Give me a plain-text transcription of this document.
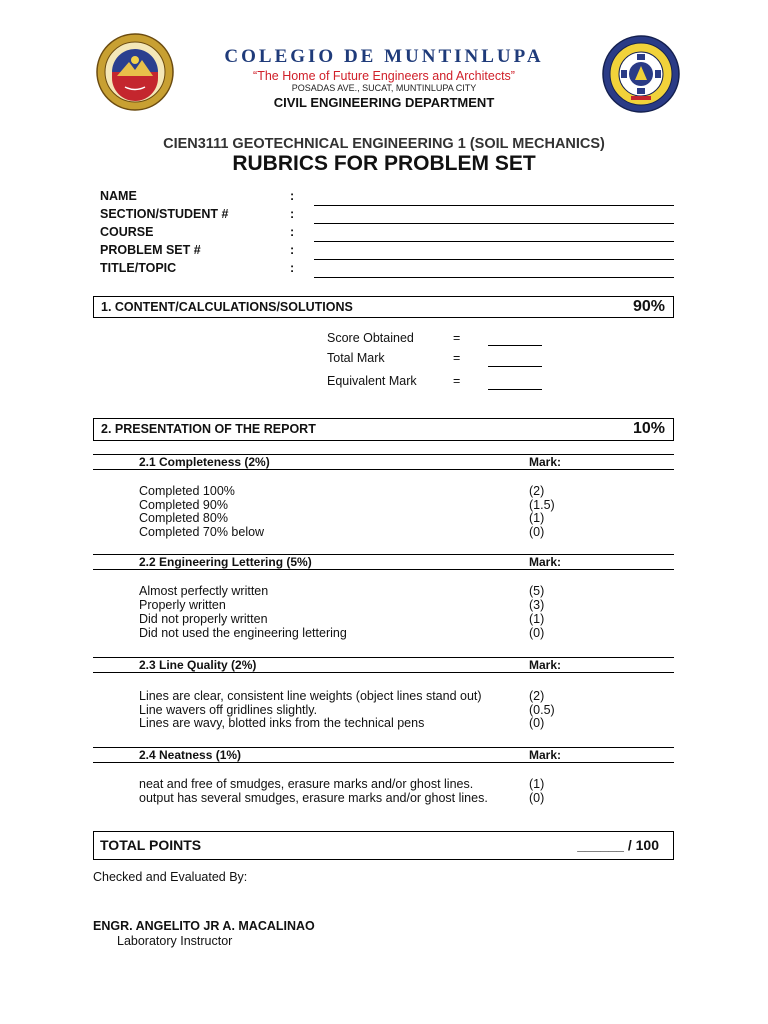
COLEGIO DE MUNTINLUPA
“The Home of Future Engineers and Architects”
POSADAS AVE., SUCAT, MUNTINLUPA CITY
CIVIL ENGINEERING DEPARTMENT
CIEN3111 GEOTECHNICAL ENGINEERING 1 (SOIL MECHANICS)
RUBRICS FOR PROBLEM SET
NAME	:
SECTION/STUDENT #	:
COURSE	:
PROBLEM SET #	:
TITLE/TOPIC	:
1. CONTENT/CALCULATIONS/SOLUTIONS	90%
Score Obtained	=
Total Mark	=
Equivalent Mark	=
2. PRESENTATION OF THE REPORT	10%
2.1 Completeness (2%)	Mark:
Completed 100%	(2)
Completed 90%	(1.5)
Completed 80%	(1)
Completed 70% below	(0)
2.2 Engineering Lettering (5%)	Mark:
Almost perfectly written	(5)
Properly written	(3)
Did not properly written	(1)
Did not used the engineering lettering	(0)
2.3 Line Quality (2%)	Mark:
Lines are clear, consistent line weights (object lines stand out)	(2)
Line wavers off gridlines slightly.	(0.5)
Lines are wavy, blotted inks from the technical pens	(0)
2.4 Neatness (1%)	Mark:
neat and free of smudges, erasure marks and/or ghost lines.	(1)
output has several smudges, erasure marks and/or ghost lines.	(0)
TOTAL POINTS	______ / 100
Checked and Evaluated By:
ENGR. ANGELITO JR A. MACALINAO
Laboratory Instructor
